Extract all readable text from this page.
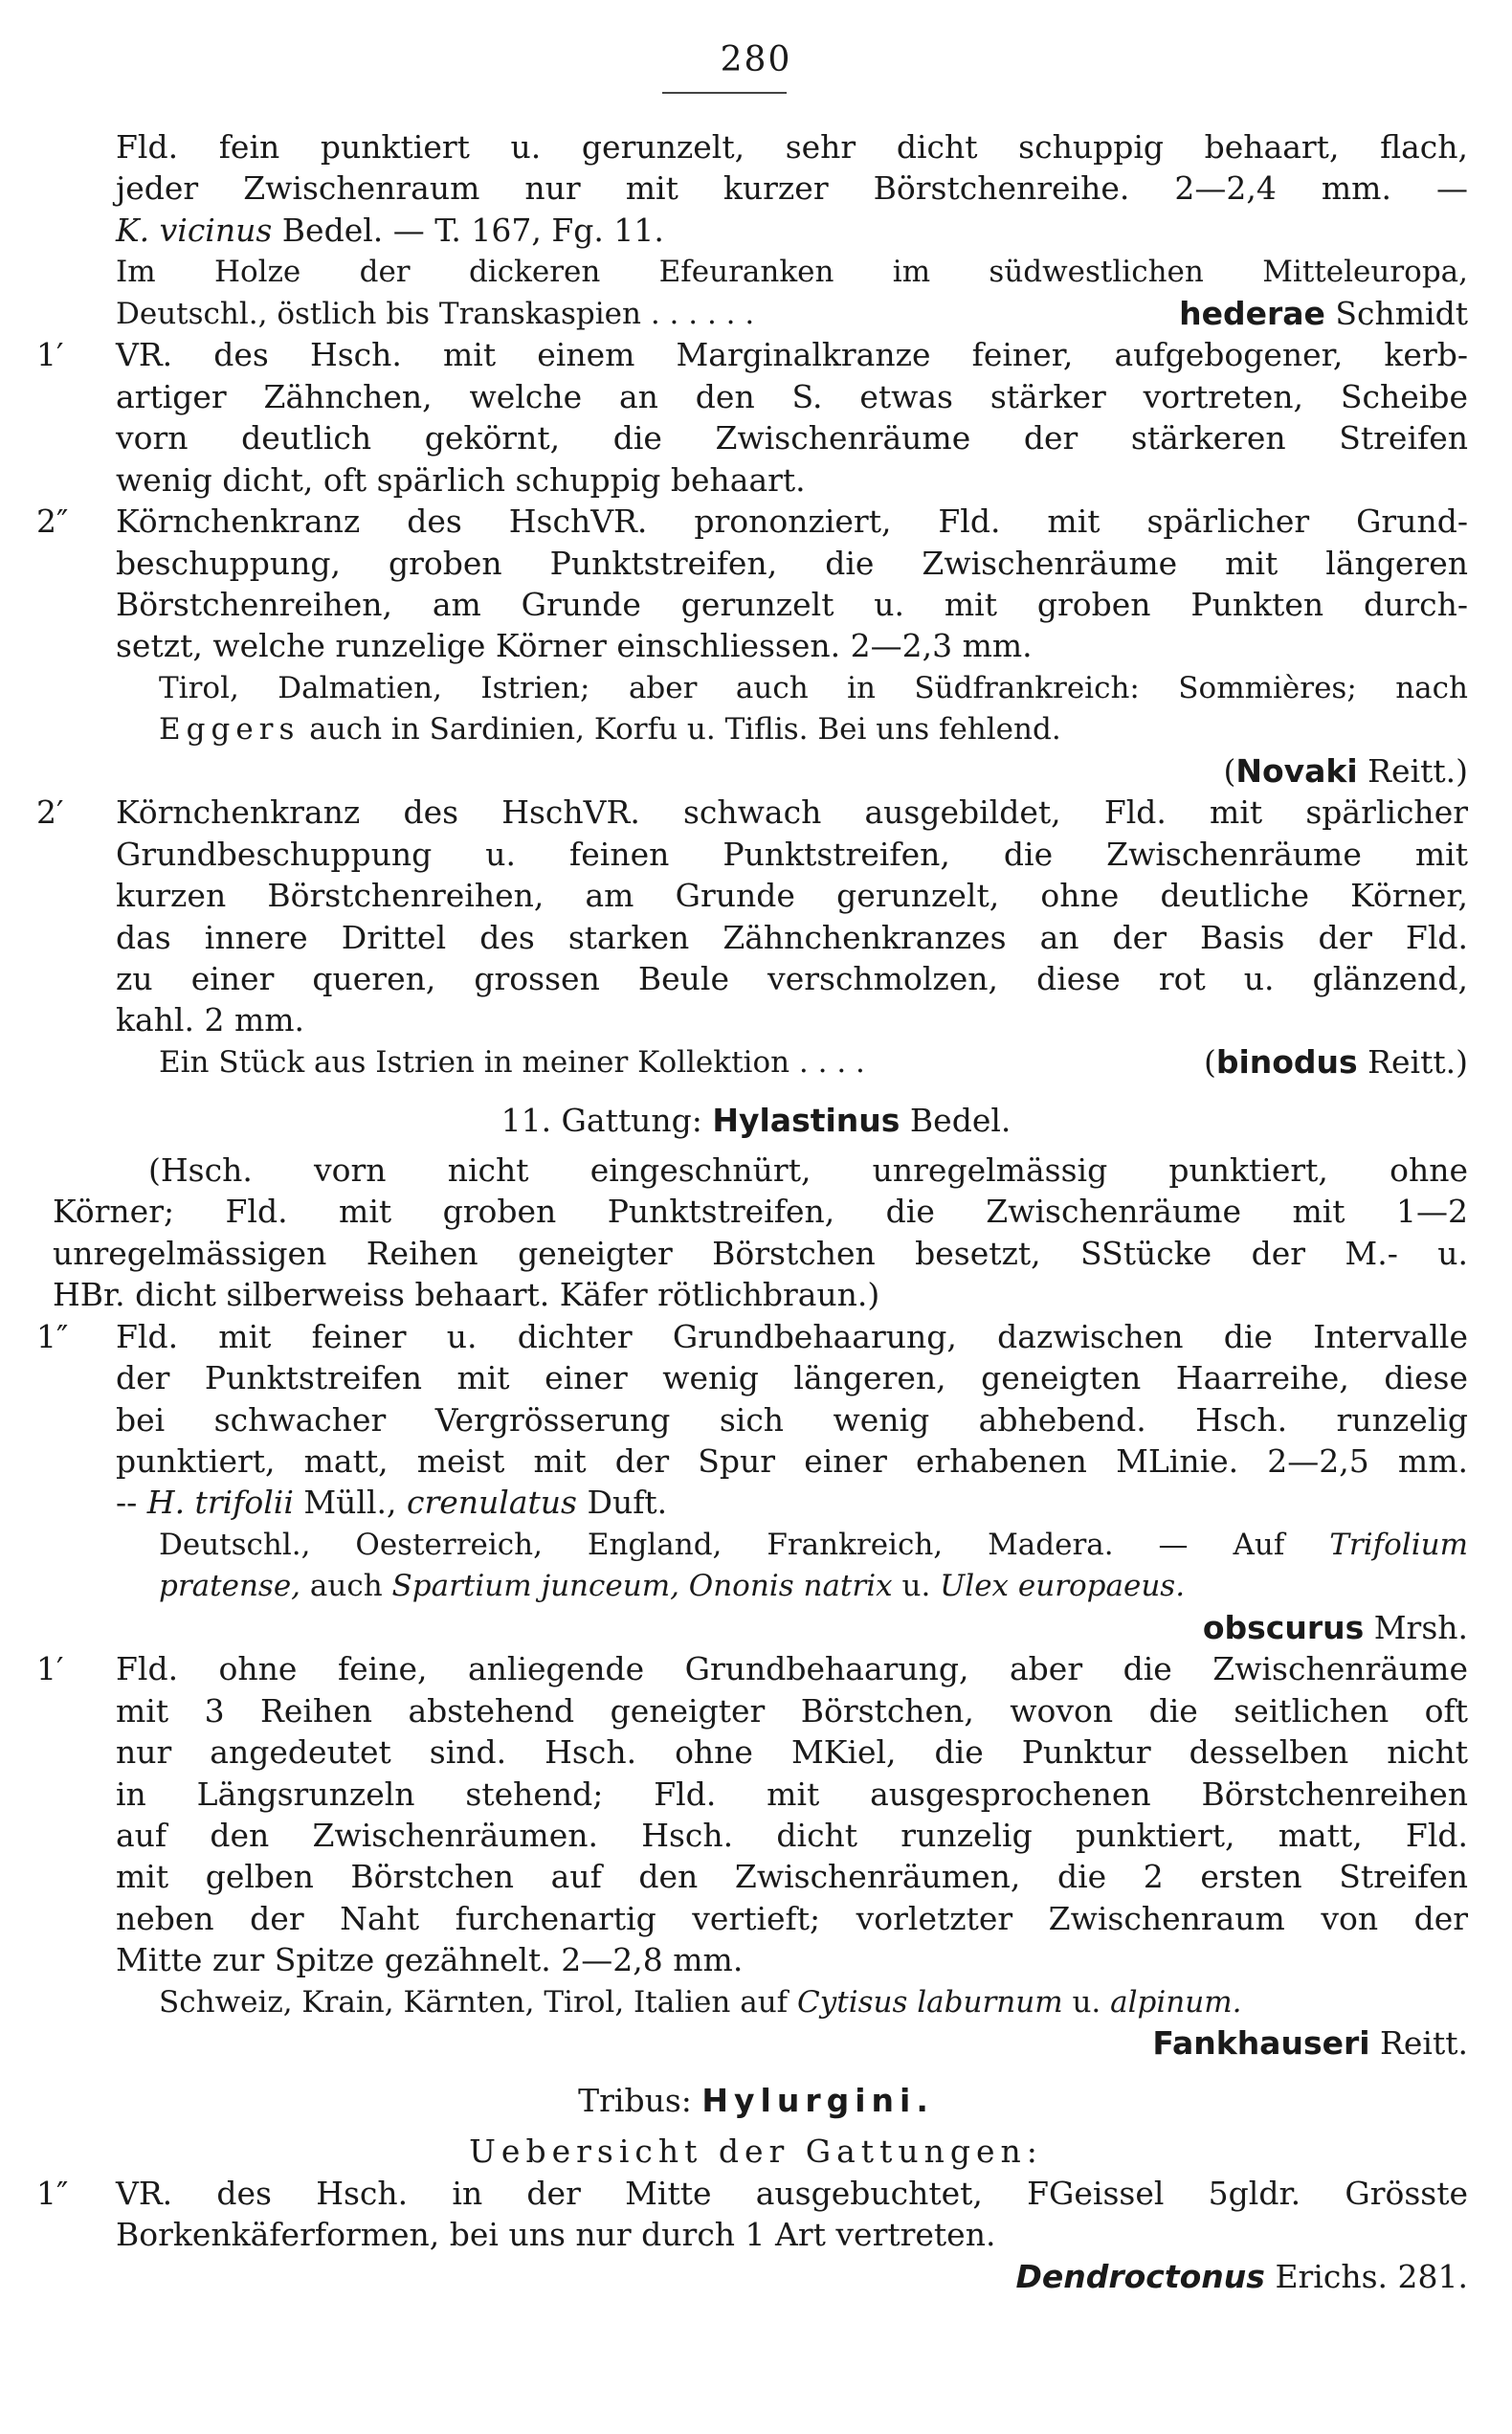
280
Fld. fein punktiert u. gerunzelt, sehr dicht schuppig behaart, flach,
jeder Zwischenraum nur mit kurzer Börstchenreihe. 2—2,4 mm. —
K. vicinus Bedel. — T. 167, Fg. 11.
Im Holze der dickeren Efeuranken im südwestlichen Mitteleuropa,
Deutschl., östlich bis Transkaspien . . . . . .	hederae Schmidt
1′	VR. des Hsch. mit einem Marginalkranze feiner, aufgebogener, kerb-
artiger Zähnchen, welche an den S. etwas stärker vortreten, Scheibe
vorn deutlich gekörnt, die Zwischenräume der stärkeren Streifen
wenig dicht, oft spärlich schuppig behaart.
2″	Körnchenkranz des HschVR. prononziert, Fld. mit spärlicher Grund-
beschuppung, groben Punktstreifen, die Zwischenräume mit längeren
Börstchenreihen, am Grunde gerunzelt u. mit groben Punkten durch-
setzt, welche runzelige Körner einschliessen. 2—2,3 mm.
Tirol, Dalmatien, Istrien; aber auch in Südfrankreich: Sommières; nach
Eggers auch in Sardinien, Korfu u. Tiflis. Bei uns fehlend.
(Novaki Reitt.)
2′	Körnchenkranz des HschVR. schwach ausgebildet, Fld. mit spärlicher
Grundbeschuppung u. feinen Punktstreifen, die Zwischenräume mit
kurzen Börstchenreihen, am Grunde gerunzelt, ohne deutliche Körner,
das innere Drittel des starken Zähnchenkranzes an der Basis der Fld.
zu einer queren, grossen Beule verschmolzen, diese rot u. glänzend,
kahl. 2 mm.
Ein Stück aus Istrien in meiner Kollektion . . . .	(binodus Reitt.)
11. Gattung: Hylastinus Bedel.
(Hsch. vorn nicht eingeschnürt, unregelmässig punktiert, ohne
Körner; Fld. mit groben Punktstreifen, die Zwischenräume mit 1—2
unregelmässigen Reihen geneigter Börstchen besetzt, SStücke der M.- u.
HBr. dicht silberweiss behaart. Käfer rötlichbraun.)
1″	Fld. mit feiner u. dichter Grundbehaarung, dazwischen die Intervalle
der Punktstreifen mit einer wenig längeren, geneigten Haarreihe, diese
bei schwacher Vergrösserung sich wenig abhebend. Hsch. runzelig
punktiert, matt, meist mit der Spur einer erhabenen MLinie. 2—2,5 mm.
-- H. trifolii Müll., crenulatus Duft.
Deutschl., Oesterreich, England, Frankreich, Madera. — Auf Trifolium
pratense, auch Spartium junceum, Ononis natrix u. Ulex europaeus.
obscurus Mrsh.
1′	Fld. ohne feine, anliegende Grundbehaarung, aber die Zwischenräume
mit 3 Reihen abstehend geneigter Börstchen, wovon die seitlichen oft
nur angedeutet sind. Hsch. ohne MKiel, die Punktur desselben nicht
in Längsrunzeln stehend; Fld. mit ausgesprochenen Börstchenreihen
auf den Zwischenräumen. Hsch. dicht runzelig punktiert, matt, Fld.
mit gelben Börstchen auf den Zwischenräumen, die 2 ersten Streifen
neben der Naht furchenartig vertieft; vorletzter Zwischenraum von der
Mitte zur Spitze gezähnelt. 2—2,8 mm.
Schweiz, Krain, Kärnten, Tirol, Italien auf Cytisus laburnum u. alpinum.
Fankhauseri Reitt.
Tribus: Hylurgini.
Uebersicht der Gattungen:
1″	VR. des Hsch. in der Mitte ausgebuchtet, FGeissel 5gldr. Grösste
Borkenkäferformen, bei uns nur durch 1 Art vertreten.
Dendroctonus Erichs. 281.
